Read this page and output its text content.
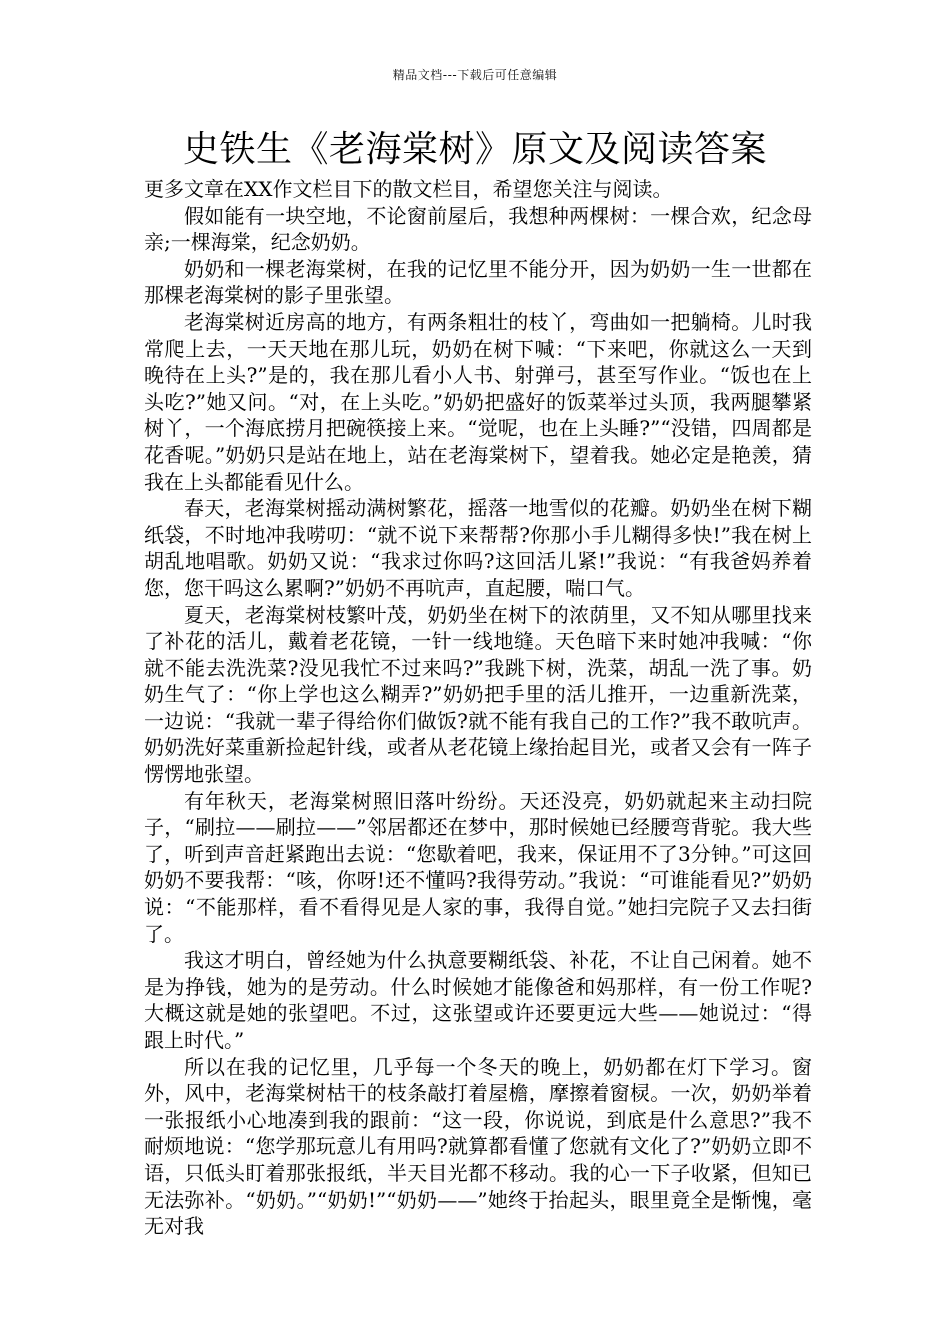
精品文档---下载后可任意编辑
史铁生《老海棠树》原文及阅读答案

更多文章在XX作文栏目下的散文栏目，希望您关注与阅读。

假如能有一块空地，不论窗前屋后，我想种两棵树：一棵合欢，纪念母亲;一棵海棠，纪念奶奶。

奶奶和一棵老海棠树，在我的记忆里不能分开，因为奶奶一生一世都在那棵老海棠树的影子里张望。

老海棠树近房高的地方，有两条粗壮的枝丫，弯曲如一把躺椅。儿时我常爬上去，一天天地在那儿玩，奶奶在树下喊：“下来吧，你就这么一天到晚待在上头?”是的，我在那儿看小人书、射弹弓，甚至写作业。“饭也在上头吃?”她又问。“对，在上头吃。”奶奶把盛好的饭菜举过头顶，我两腿攀紧树丫，一个海底捞月把碗筷接上来。“觉呢，也在上头睡?”“没错，四周都是花香呢。”奶奶只是站在地上，站在老海棠树下，望着我。她必定是艳羡，猜我在上头都能看见什么。

春天，老海棠树摇动满树繁花，摇落一地雪似的花瓣。奶奶坐在树下糊纸袋，不时地冲我唠叨：“就不说下来帮帮?你那小手儿糊得多快!”我在树上胡乱地唱歌。奶奶又说：“我求过你吗?这回活儿紧!”我说：“有我爸妈养着您，您干吗这么累啊?”奶奶不再吭声，直起腰，喘口气。

夏天，老海棠树枝繁叶茂，奶奶坐在树下的浓荫里，又不知从哪里找来了补花的活儿，戴着老花镜，一针一线地缝。天色暗下来时她冲我喊：“你就不能去洗洗菜?没见我忙不过来吗?”我跳下树，洗菜，胡乱一洗了事。奶奶生气了：“你上学也这么糊弄?”奶奶把手里的活儿推开，一边重新洗菜，一边说：“我就一辈子得给你们做饭?就不能有我自己的工作?”我不敢吭声。奶奶洗好菜重新捡起针线，或者从老花镜上缘抬起目光，或者又会有一阵子愣愣地张望。

有年秋天，老海棠树照旧落叶纷纷。天还没亮，奶奶就起来主动扫院子，“刷拉——刷拉——”邻居都还在梦中，那时候她已经腰弯背驼。我大些了，听到声音赶紧跑出去说：“您歇着吧，我来，保证用不了3分钟。”可这回奶奶不要我帮：“咳，你呀!还不懂吗?我得劳动。”我说：“可谁能看见?”奶奶说：“不能那样，看不看得见是人家的事，我得自觉。”她扫完院子又去扫街了。

我这才明白，曾经她为什么执意要糊纸袋、补花，不让自己闲着。她不是为挣钱，她为的是劳动。什么时候她才能像爸和妈那样，有一份工作呢?大概这就是她的张望吧。不过，这张望或许还要更远大些——她说过：“得跟上时代。”

所以在我的记忆里，几乎每一个冬天的晚上，奶奶都在灯下学习。窗外，风中，老海棠树枯干的枝条敲打着屋檐，摩擦着窗棂。一次，奶奶举着一张报纸小心地凑到我的跟前：“这一段，你说说，到底是什么意思?”我不耐烦地说：“您学那玩意儿有用吗?就算都看懂了您就有文化了?”奶奶立即不语，只低头盯着那张报纸，半天目光都不移动。我的心一下子收紧，但知已无法弥补。“奶奶。”“奶奶!”“奶奶——”她终于抬起头，眼里竟全是惭愧，毫无对我
